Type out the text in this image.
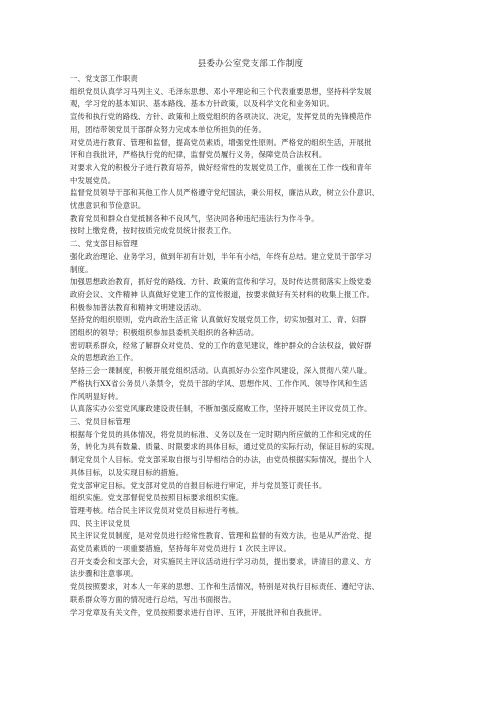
县委办公室党支部工作制度
一、党支部工作职责
组织党员认真学习马列主义、毛泽东思想、邓小平理论和三个代表重要思想，坚持科学发展
观，学习党的基本知识、基本路线、基本方针政策，以及科学文化和业务知识。
宣传和执行党的路线、方针、政策和上级党组织的各项决议、决定，发挥党员的先锋模范作
用，团结带领党员干部群众努力完成本单位所担负的任务。
对党员进行教育、管理和监督，提高党员素质，增强党性原则。严格党的组织生活，开展批
评和自我批评，严格执行党的纪律，监督党员履行义务，保障党员合法权利。
对要求入党的积极分子进行教育培养，做好经常性的发展党员工作，重视在工作一线和青年
中发展党员。
监督党员领导干部和其他工作人员严格遵守党纪国法，秉公用权，廉洁从政，树立公仆意识、
忧患意识和节俭意识。
教育党员和群众自觉抵制各种不良风气，坚决同各种违纪违法行为作斗争。
按时上缴党费，按时按质完成党员统计报表工作。
二、党支部目标管理
强化政治理论、业务学习，做到年初有计划，半年有小结，年终有总结。建立党员干部学习
制度。
加强思想政治教育，抓好党的路线、方针、政策的宣传和学习，及时传达贯彻落实上级党委
政府会议、文件精神 认真做好党建工作的宣传报道，按要求做好有关材料的收集上报工作。
积极参加普法教育和精神文明建设活动。
坚持党的组织原则，党内政治生活正常 认真做好发展党员工作，切实加强对工、青、妇群
团组织的领导；积极组织参加县委机关组织的各种活动。
密切联系群众，经常了解群众对党员、党的工作的意见建议，维护群众的合法权益，做好群
众的思想政治工作。
坚持三会一课制度，积极开展党组织活动。认真抓好办公室作风建设，深入贯彻八荣八耻。
严格执行XX省公务员八条禁令，党员干部的学风、思想作风、工作作风、领导作风和生活
作风明显好转。
认真落实办公室党风廉政建设责任制，不断加强反腐败工作，坚持开展民主评议党员工作。
三、党员目标管理
根据每个党员的具体情况，将党员的标准、义务以及在一定时期内所应做的工作和完成的任
务，转化为具有数量、质量、时限要求的具体目标，通过党员的实际行动，保证目标的实现。
制定党员个人目标。党支部采取自报与引导相结合的办法，由党员根据实际情况，提出个人
具体目标，以及实现目标的措施。
党支部审定目标。党支部对党员的自报目标进行审定，并与党员签订责任书。
组织实施。党支部督促党员按照目标要求组织实施。
管理考核。结合民主评议党员对党员目标进行考核。
四、民主评议党员
民主评议党员制度，是对党员进行经常性教育、管理和监督的有效方法，也是从严治党、提
高党员素质的一项重要措施，坚持每年对党员进行 1 次民主评议。
召开支委会和支部大会，对实施民主评议活动进行学习动员，提出要求，讲清目的意义、方
法步骤和注意事项。
党员按照要求，对本人一年来的思想、工作和生活情况，特别是对执行目标责任、遵纪守法、
联系群众等方面的情况进行总结，写出书面报告。
学习党章及有关文件，党员按照要求进行自评、互评，开展批评和自我批评。
